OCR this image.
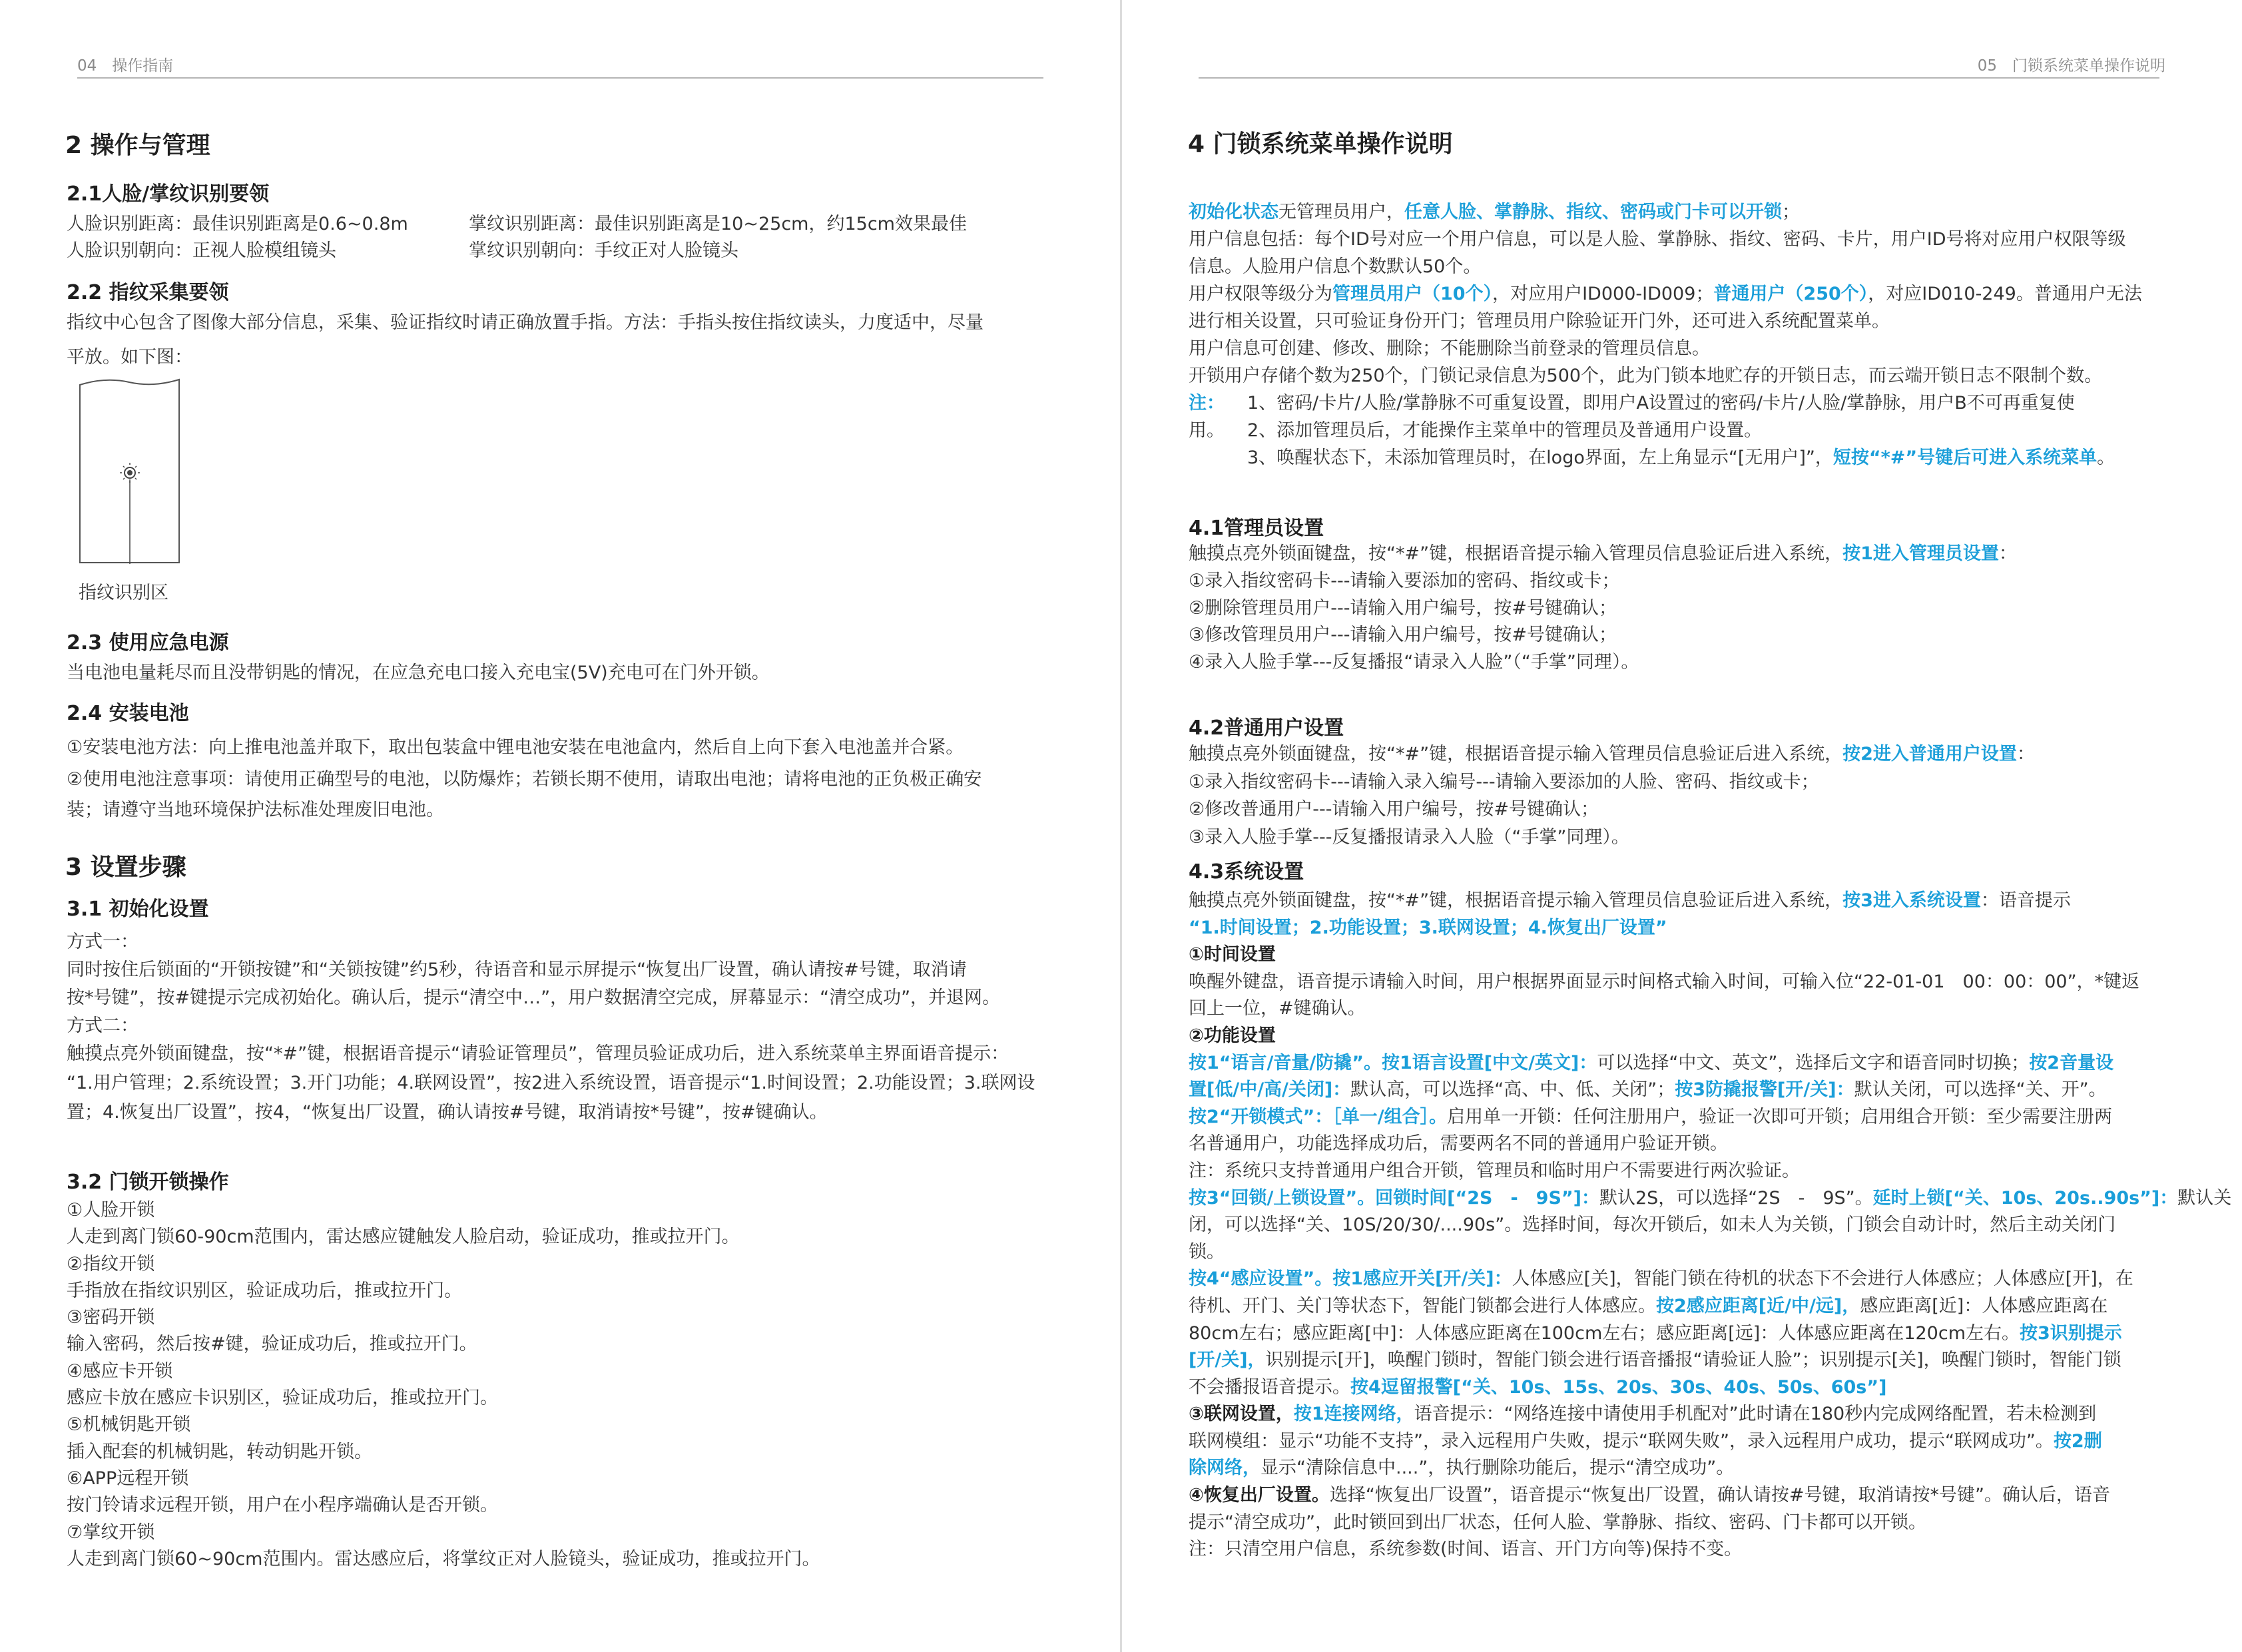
04　操作指南
2 操作与管理
2.1人脸/掌纹识别要领
人脸识别距离：最佳识别距离是0.6~0.8m	掌纹识别距离：最佳识别距离是10~25cm，约15cm效果最佳
人脸识别朝向：正视人脸模组镜头	掌纹识别朝向：手纹正对人脸镜头
2.2 指纹采集要领
指纹中心包含了图像大部分信息，采集、验证指纹时请正确放置手指。方法：手指头按住指纹读头，力度适中，尽量
平放。如下图：
指纹识别区
2.3 使用应急电源
当电池电量耗尽而且没带钥匙的情况，在应急充电口接入充电宝(5V)充电可在门外开锁。
2.4 安装电池
①安装电池方法：向上推电池盖并取下，取出包装盒中锂电池安装在电池盒内，然后自上向下套入电池盖并合紧。
②使用电池注意事项：请使用正确型号的电池，以防爆炸；若锁长期不使用，请取出电池；请将电池的正负极正确安
装；请遵守当地环境保护法标准处理废旧电池。
3 设置步骤
3.1 初始化设置
方式一：
同时按住后锁面的“开锁按键”和“关锁按键”约5秒，待语音和显示屏提示“恢复出厂设置，确认请按#号键，取消请
按*号键”，按#键提示完成初始化。确认后，提示“清空中…”，用户数据清空完成，屏幕显示：“清空成功”，并退网。
方式二：
触摸点亮外锁面键盘，按“*#”键，根据语音提示“请验证管理员”，管理员验证成功后，进入系统菜单主界面语音提示：
“1.用户管理；2.系统设置；3.开门功能；4.联网设置”，按2进入系统设置，语音提示“1.时间设置；2.功能设置；3.联网设
置；4.恢复出厂设置”，按4，“恢复出厂设置，确认请按#号键，取消请按*号键”，按#键确认。
3.2 门锁开锁操作
①人脸开锁
人走到离门锁60-90cm范围内，雷达感应键触发人脸启动，验证成功，推或拉开门。
②指纹开锁
手指放在指纹识别区，验证成功后，推或拉开门。
③密码开锁
输入密码，然后按#键，验证成功后，推或拉开门。
④感应卡开锁
感应卡放在感应卡识别区，验证成功后，推或拉开门。
⑤机械钥匙开锁
插入配套的机械钥匙，转动钥匙开锁。
⑥APP远程开锁
按门铃请求远程开锁，用户在小程序端确认是否开锁。
⑦掌纹开锁
人走到离门锁60~90cm范围内。雷达感应后，将掌纹正对人脸镜头，验证成功，推或拉开门。
05　门锁系统菜单操作说明
4 门锁系统菜单操作说明
初始化状态无管理员用户，任意人脸、掌静脉、指纹、密码或门卡可以开锁；
用户信息包括：每个ID号对应一个用户信息，可以是人脸、掌静脉、指纹、密码、卡片，用户ID号将对应用户权限等级
信息。人脸用户信息个数默认50个。
用户权限等级分为管理员用户（10个），对应用户ID000-ID009；普通用户（250个），对应ID010-249。普通用户无法
进行相关设置，只可验证身份开门；管理员用户除验证开门外，还可进入系统配置菜单。
用户信息可创建、修改、删除；不能删除当前登录的管理员信息。
开锁用户存储个数为250个，门锁记录信息为500个，此为门锁本地贮存的开锁日志，而云端开锁日志不限制个数。
注： 1、密码/卡片/人脸/掌静脉不可重复设置，即用户A设置过的密码/卡片/人脸/掌静脉，用户B不可再重复使
用。 2、添加管理员后，才能操作主菜单中的管理员及普通用户设置。
3、唤醒状态下，未添加管理员时，在logo界面，左上角显示“[无用户]”，短按“*#”号键后可进入系统菜单。
4.1管理员设置
触摸点亮外锁面键盘，按“*#”键，根据语音提示输入管理员信息验证后进入系统，按1进入管理员设置：
①录入指纹密码卡---请输入要添加的密码、指纹或卡；
②删除管理员用户---请输入用户编号，按#号键确认；
③修改管理员用户---请输入用户编号，按#号键确认；
④录入人脸手掌---反复播报“请录入人脸”（“手掌”同理）。
4.2普通用户设置
触摸点亮外锁面键盘，按“*#”键，根据语音提示输入管理员信息验证后进入系统，按2进入普通用户设置：
①录入指纹密码卡---请输入录入编号---请输入要添加的人脸、密码、指纹或卡；
②修改普通用户---请输入用户编号，按#号键确认；
③录入人脸手掌---反复播报请录入人脸（“手掌”同理）。
4.3系统设置
触摸点亮外锁面键盘，按“*#”键，根据语音提示输入管理员信息验证后进入系统，按3进入系统设置：语音提示
“1.时间设置；2.功能设置；3.联网设置；4.恢复出厂设置”
①时间设置
唤醒外键盘，语音提示请输入时间，用户根据界面显示时间格式输入时间，可输入位“22-01-01　00：00：00”，*键返
回上一位，#键确认。
②功能设置
按1“语言/音量/防撬”。按1语言设置[中文/英文]：可以选择“中文、英文”，选择后文字和语音同时切换；按2音量设
置[低/中/高/关闭]：默认高，可以选择“高、中、低、关闭”；按3防撬报警[开/关]：默认关闭，可以选择“关、开”。
按2“开锁模式”：［单一/组合］。启用单一开锁：任何注册用户，验证一次即可开锁；启用组合开锁：至少需要注册两
名普通用户，功能选择成功后，需要两名不同的普通用户验证开锁。
注：系统只支持普通用户组合开锁，管理员和临时用户不需要进行两次验证。
按3“回锁/上锁设置”。回锁时间[“2S　-　9S”]：默认2S，可以选择“2S　-　9S”。延时上锁[“关、10s、20s..90s”]：默认关
闭，可以选择“关、10S/20/30/....90s”。选择时间，每次开锁后，如未人为关锁，门锁会自动计时，然后主动关闭门
锁。
按4“感应设置”。按1感应开关[开/关]：人体感应[关]，智能门锁在待机的状态下不会进行人体感应；人体感应[开]，在
待机、开门、关门等状态下，智能门锁都会进行人体感应。按2感应距离[近/中/远]，感应距离[近]：人体感应距离在
80cm左右；感应距离[中]：人体感应距离在100cm左右；感应距离[远]：人体感应距离在120cm左右。按3识别提示
[开/关]，识别提示[开]，唤醒门锁时，智能门锁会进行语音播报“请验证人脸”；识别提示[关]，唤醒门锁时，智能门锁
不会播报语音提示。按4逗留报警[“关、10s、15s、20s、30s、40s、50s、60s”]
③联网设置，按1连接网络，语音提示：“网络连接中请使用手机配对”此时请在180秒内完成网络配置，若未检测到
联网模组：显示“功能不支持”，录入远程用户失败，提示“联网失败”，录入远程用户成功，提示“联网成功”。按2删
除网络，显示“清除信息中....”，执行删除功能后，提示“清空成功”。
④恢复出厂设置。选择“恢复出厂设置”，语音提示“恢复出厂设置，确认请按#号键，取消请按*号键”。确认后，语音
提示“清空成功”，此时锁回到出厂状态，任何人脸、掌静脉、指纹、密码、门卡都可以开锁。
注：只清空用户信息，系统参数(时间、语言、开门方向等)保持不变。
